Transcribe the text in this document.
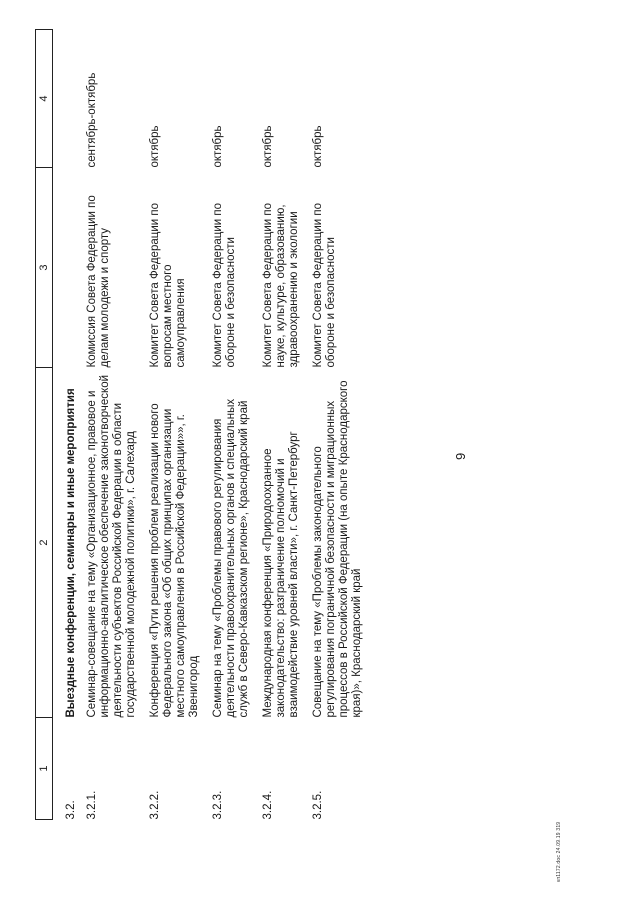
9
1	2	3	4
3.2.	Выездные конференции, семинары и иные мероприятия		
3.2.1.	Семинар-совещание на тему «Организационное, правовое и информационно-аналитическое обеспечение законотворческой деятельности субъектов Российской Федерации в области государственной молодежной политики», г. Салехард	Комиссия Совета Федерации по делам молодежи и спорту	сентябрь-октябрь
3.2.2.	Конференция «Пути решения проблем реализации нового Федерального закона «Об общих принципах организации местного самоуправления в Российской Федерации»», г. Звенигород	Комитет Совета Федерации по вопросам местного самоуправления	октябрь
3.2.3.	Семинар на тему «Проблемы правового регулирования деятельности правоохранительных органов и специальных служб в Северо-Кавказском регионе», Краснодарский край	Комитет Совета Федерации по обороне и безопасности	октябрь
3.2.4.	Международная конференция «Природоохранное законодательство: разграничение полномочий и взаимодействие уровней власти», г. Санкт-Петербург	Комитет Совета Федерации по науке, культуре, образованию, здравоохранению и экологии	октябрь
3.2.5.	Совещание на тему «Проблемы законодательного регулирования пограничной безопасности и миграционных процессов в Российской Федерации (на опыте Краснодарского края)», Краснодарский край	Комитет Совета Федерации по обороне и безопасности	октябрь
кп1172.doc 24.09.19 319
